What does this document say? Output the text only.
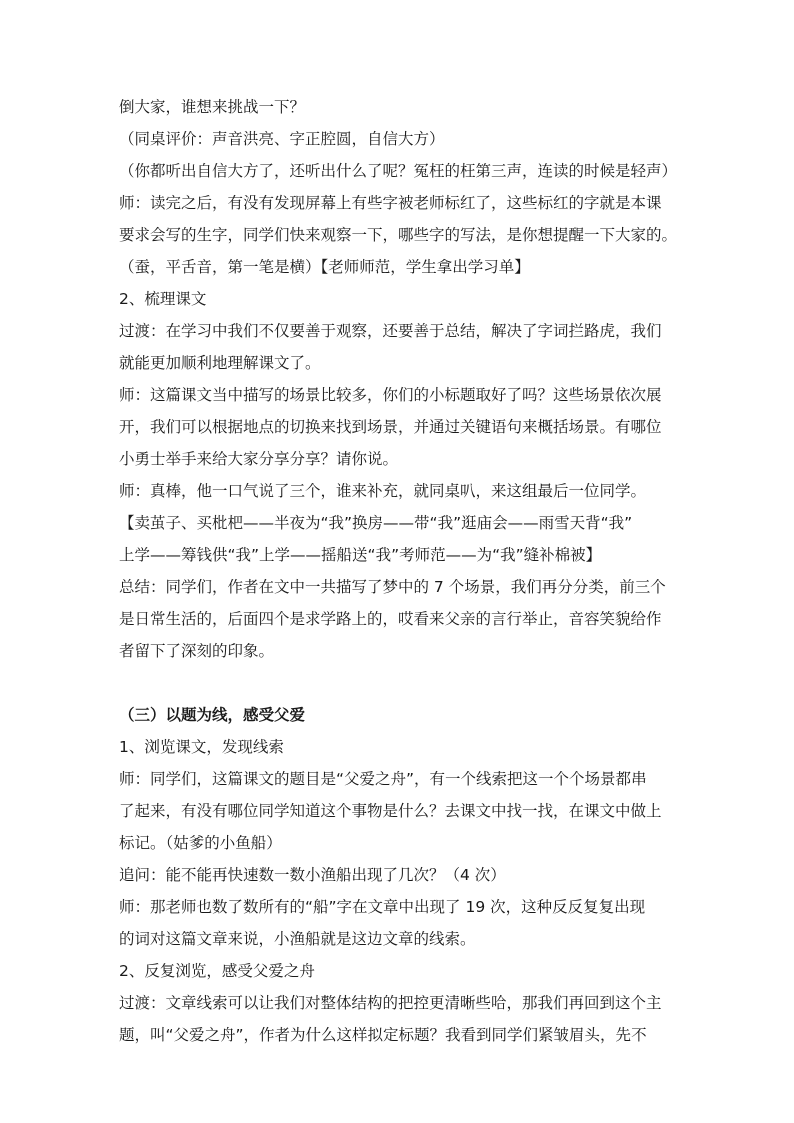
倒大家，谁想来挑战一下？
（同桌评价：声音洪亮、字正腔圆，自信大方）
（你都听出自信大方了，还听出什么了呢？冤枉的枉第三声，连读的时候是轻声）
师：读完之后，有没有发现屏幕上有些字被老师标红了，这些标红的字就是本课
要求会写的生字，同学们快来观察一下，哪些字的写法，是你想提醒一下大家的。
（蚕，平舌音，第一笔是横）【老师师范，学生拿出学习单】
2、梳理课文
过渡：在学习中我们不仅要善于观察，还要善于总结，解决了字词拦路虎，我们
就能更加顺利地理解课文了。
师：这篇课文当中描写的场景比较多，你们的小标题取好了吗？这些场景依次展
开，我们可以根据地点的切换来找到场景，并通过关键语句来概括场景。有哪位
小勇士举手来给大家分享分享？请你说。
师：真棒，他一口气说了三个，谁来补充，就同桌叭，来这组最后一位同学。
【卖茧子、买枇杷——半夜为“我”换房——带“我”逛庙会——雨雪天背“我”
上学——筹钱供“我”上学——摇船送“我”考师范——为“我”缝补棉被】
总结：同学们，作者在文中一共描写了梦中的 7 个场景，我们再分分类，前三个
是日常生活的，后面四个是求学路上的，哎看来父亲的言行举止，音容笑貌给作
者留下了深刻的印象。
（三）以题为线，感受父爱
1、浏览课文，发现线索
师：同学们，这篇课文的题目是“父爱之舟”，有一个线索把这一个个场景都串
了起来，有没有哪位同学知道这个事物是什么？去课文中找一找，在课文中做上
标记。（姑爹的小鱼船）
追问：能不能再快速数一数小渔船出现了几次？（4 次）
师：那老师也数了数所有的“船”字在文章中出现了 19 次，这种反反复复出现
的词对这篇文章来说，小渔船就是这边文章的线索。
2、反复浏览，感受父爱之舟
过渡：文章线索可以让我们对整体结构的把控更清晰些哈，那我们再回到这个主
题，叫“父爱之舟”，作者为什么这样拟定标题？我看到同学们紧皱眉头，先不
